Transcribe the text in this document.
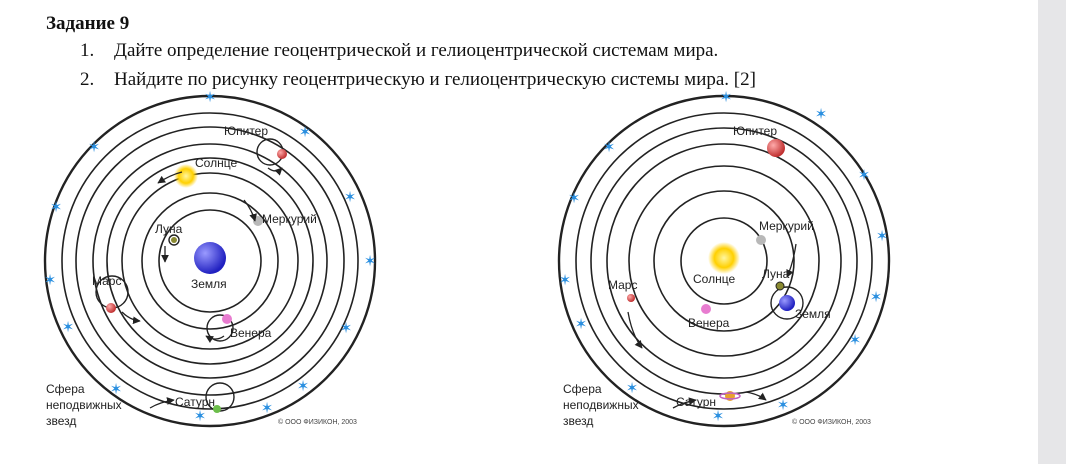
Задание 9
1. Дайте определение геоцентрической и гелиоцентрической системам мира.
2. Найдите по рисунку геоцентрическую и гелиоцентрическую системы мира. [2]
✶
✶
✶
✶
✶
✶
✶
✶
✶
✶	✶
✶
✶
Юпитер
Солнце
Меркурий
Луна
Земля
Марс
Венера
Сатурн
Сфера
неподвижных
звезд	© ООО ФИЗИКОН, 2003
✶
✶
✶
✶
✶
✶
✶
✶
✶
✶
✶
✶
✶
Юпитер
Меркурий
Солнце Луна
Марс
Венера
Земля
Сатурн
Сфера
неподвижных
звезд	© ООО ФИЗИКОН, 2003
